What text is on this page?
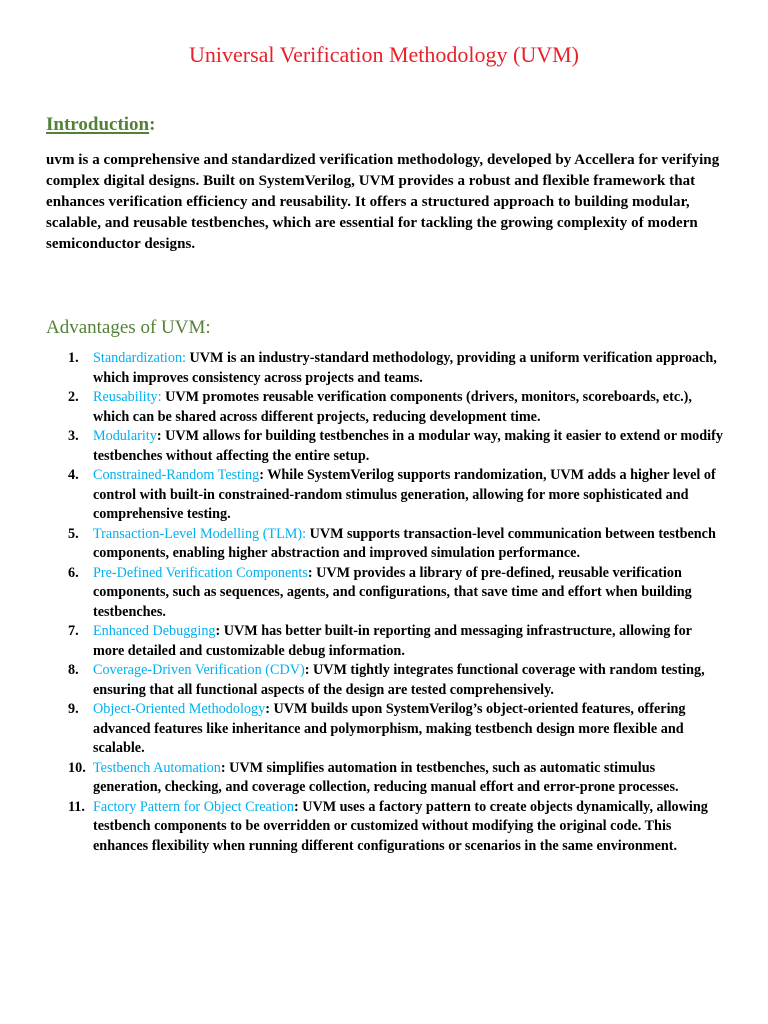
Universal Verification Methodology (UVM)
Introduction:

uvm is a comprehensive and standardized verification methodology, developed by Accellera for verifying complex digital designs. Built on SystemVerilog, UVM provides a robust and flexible framework that enhances verification efficiency and reusability. It offers a structured approach to building modular, scalable, and reusable testbenches, which are essential for tackling the growing complexity of modern semiconductor designs.

Advantages of UVM:
1.	Standardization: UVM is an industry-standard methodology, providing a uniform verification approach, which improves consistency across projects and teams.
2.	Reusability: UVM promotes reusable verification components (drivers, monitors, scoreboards, etc.), which can be shared across different projects, reducing development time.
3.	Modularity: UVM allows for building testbenches in a modular way, making it easier to extend or modify testbenches without affecting the entire setup.
4.	Constrained-Random Testing: While SystemVerilog supports randomization, UVM adds a higher level of control with built-in constrained-random stimulus generation, allowing for more sophisticated and comprehensive testing.
5.	Transaction-Level Modelling (TLM): UVM supports transaction-level communication between testbench components, enabling higher abstraction and improved simulation performance.
6.	Pre-Defined Verification Components: UVM provides a library of pre-defined, reusable verification components, such as sequences, agents, and configurations, that save time and effort when building testbenches.
7.	Enhanced Debugging: UVM has better built-in reporting and messaging infrastructure, allowing for more detailed and customizable debug information.
8.	Coverage-Driven Verification (CDV): UVM tightly integrates functional coverage with random testing, ensuring that all functional aspects of the design are tested comprehensively.
9.	Object-Oriented Methodology: UVM builds upon SystemVerilog’s object-oriented features, offering advanced features like inheritance and polymorphism, making testbench design more flexible and scalable.
10. Testbench Automation: UVM simplifies automation in testbenches, such as automatic stimulus generation, checking, and coverage collection, reducing manual effort and error-prone processes.
11. Factory Pattern for Object Creation: UVM uses a factory pattern to create objects dynamically, allowing testbench components to be overridden or customized without modifying the original code. This enhances flexibility when running different configurations or scenarios in the same environment.
